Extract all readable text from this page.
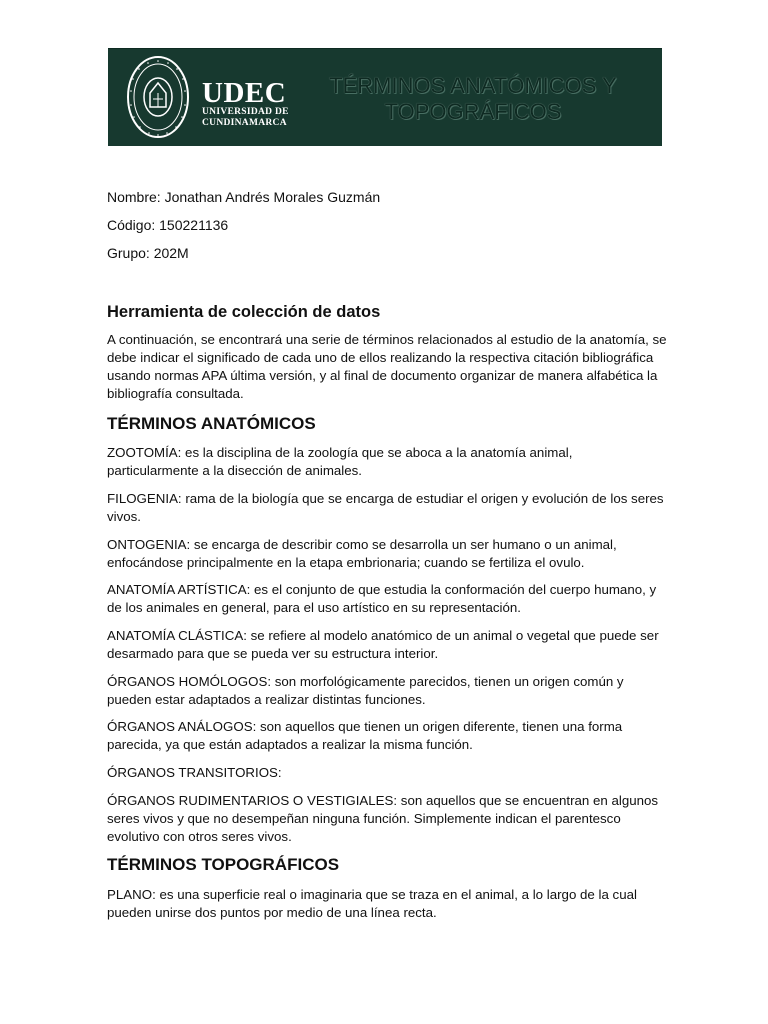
UDEC
UNIVERSIDAD DE
CUNDINAMARCA
TÉRMINOS ANATÓMICOS Y
TOPOGRÁFICOS
Nombre: Jonathan Andrés Morales Guzmán
Código: 150221136
Grupo: 202M
Herramienta de colección de datos
A continuación, se encontrará una serie de términos relacionados al estudio de la anatomía, se debe indicar el significado de cada uno de ellos realizando la respectiva citación bibliográfica usando normas APA última versión, y al final de documento organizar de manera alfabética la bibliografía consultada.
TÉRMINOS ANATÓMICOS
ZOOTOMÍA: es la disciplina de la zoología que se aboca a la anatomía animal, particularmente a la disección de animales.
FILOGENIA: rama de la biología que se encarga de estudiar el origen y evolución de los seres vivos.
ONTOGENIA: se encarga de describir como se desarrolla un ser humano o un animal, enfocándose principalmente en la etapa embrionaria; cuando se fertiliza el ovulo.
ANATOMÍA ARTÍSTICA: es el conjunto de que estudia la conformación del cuerpo humano, y de los animales en general, para el uso artístico en su representación.
ANATOMÍA CLÁSTICA: se refiere al modelo anatómico de un animal o vegetal que puede ser desarmado para que se pueda ver su estructura interior.
ÓRGANOS HOMÓLOGOS: son morfológicamente parecidos, tienen un origen común y pueden estar adaptados a realizar distintas funciones.
ÓRGANOS ANÁLOGOS: son aquellos que tienen un origen diferente, tienen una forma parecida, ya que están adaptados a realizar la misma función.
ÓRGANOS TRANSITORIOS:
ÓRGANOS RUDIMENTARIOS O VESTIGIALES: son aquellos que se encuentran en algunos seres vivos y que no desempeñan ninguna función. Simplemente indican el parentesco evolutivo con otros seres vivos.
TÉRMINOS TOPOGRÁFICOS
PLANO: es una superficie real o imaginaria que se traza en el animal, a lo largo de la cual pueden unirse dos puntos por medio de una línea recta.
